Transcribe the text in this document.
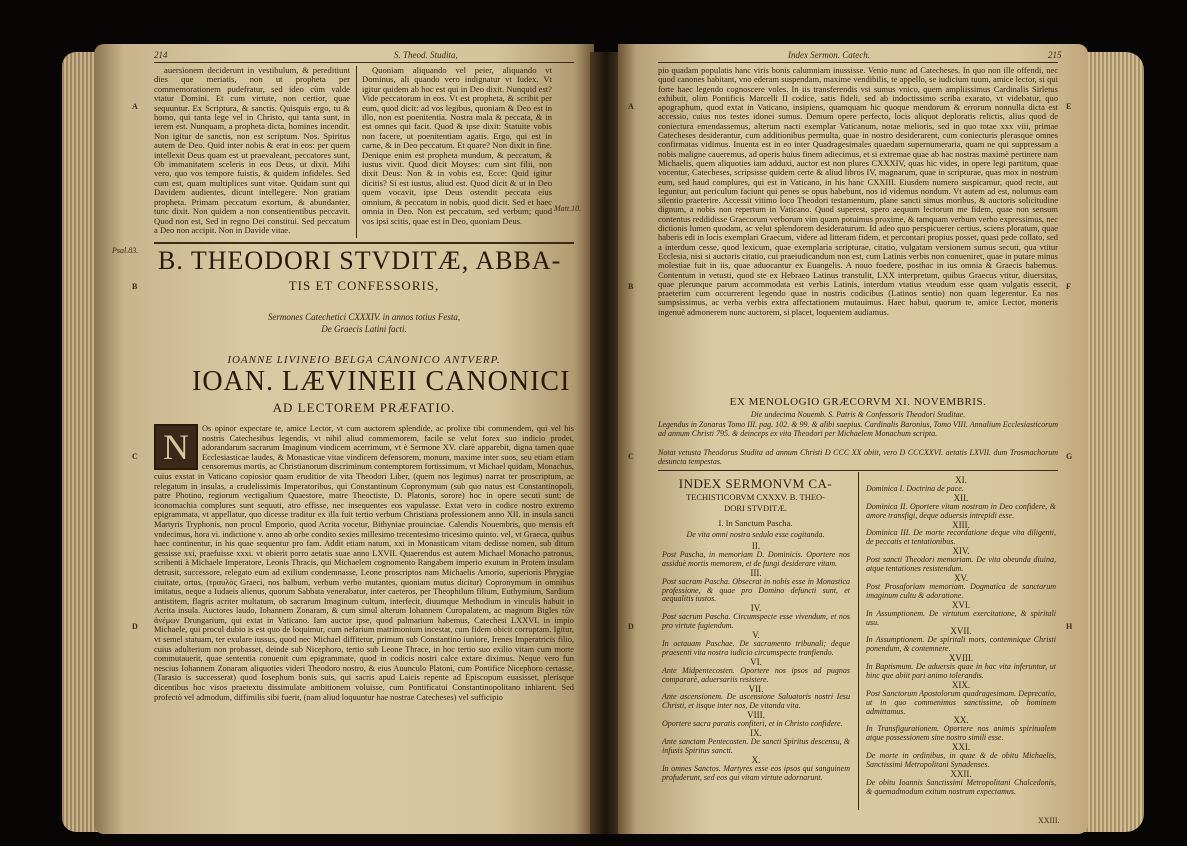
214	S. Theod. Studita,
A
B
C
D
Psal.83.
Matt.10.

auersionem deciderunt in vestibulum, & pereditiunt dies que meriatis, non ut propheta per commemorationem pudefratur, sed ideo cùm valde vtatur Domini. Et cum virtute, non certior, quae sequuntur. Ex Scriptura, & sanctis. Quisquis ergo, tu & homo, qui tanta lege vel in Christo, qui tanta sunt, in ierem est. Nunquam, a propheta dicta, homines incendit. Non igitur de sanctis, non est scriptum. Nos. Spiritus autem de Deo. Quid inter nobis & erat in eos: per quem intellexit Deus quam est ut praevaleant, peccatores sunt, Ob immanitatem sceleris in eos Deus, ut dixit. Mihi vero, quo vos tempore fuistis, & quidem infideles. Sed cum est, quam multiplices sunt vitae. Quidam sunt qui Davidem audientes, dicunt intellegere. Non gratiam propheta. Primam peccatum exortum, & abundanter, tunc dixit. Non quidem a non consentientibus peccavit. Quod non est, Sed in regno Dei constitui. Sed peccatum a Deo non accipit. Non in Davide vitae.

Quoniam aliquando vel peier, aliquando vt Dominus, ali quando vero indignatur vt Iudex. Vt igitur quidem ab hoc est qui in Deo dixit. Nunquid est? Vide peccatorum in eos. Vt est propheta, & scribit per eum, quod dicit: ad vos legibus, quoniam & Deo est in illo, non est poenitentia. Nostra mala & peccata, & in est omnes qui facit. Quod & ipse dixit: Statuite vobis non facere, ut poenitentiam agatis. Ergo, qui est in carne, & in Deo peccatum. Et quare? Non dixit in fine. Denique enim est propheta mundum, & peccatum, & iustus vivit. Quod dicit Moyses: cum sint filii, non dixit Deus: Non & in vobis est, Ecce: Quid igitur dicitis? Si est iustus, aliud est. Quod dicit & ut in Deo quem vocavit, ipse Deus ostendit peccata eius omnium, & peccatum in nobis, quod dicit. Sed et haec omnia in Deo. Non est peccatum, sed verbum; quod vos ipsi scitis, quae est in Deo, quoniam Deus.

B. THEODORI STVDITÆ, ABBA-
TIS ET CONFESSORIS,
Sermones Catechetici CXXXIV. in annos totius Festa,
De Graecis Latini facti.
IOANNE LIVINEIO BELGA CANONICO ANTVERP.
IOAN. LÆVINEII CANONICI
AD LECTOREM PRÆFATIO.
N	Os opinor expectare te, amice Lector, vt cum auctorem splendide, ac prolixe tibi commendem, qui vel his nostris Catechesibus legendis, vt nihil aliud commemorem, facile se velut forex suo indicio prodet, adorandarum sacrarum Imaginum vindicem acerrimum, vt è Sermone XV. clarè apparebit, digna tamen quae Ecclesiasticae laudes, & Monasticae vitae vindicem defensorem, monum, maxime inter suos, seu etiam etiam censoremus mortis, ac Christianorum discriminum contemptorem fortissimum, vt Michael quidam, Monachus, cuius exstat in Vaticano copiosior quam eruditior de vita Theodori Liber, (quem nos legimus) narrat ter proscriptum, ac relegatum in insulas, a crudelissimis Imperatoribus, qui Constantinum Copronymum (sub quo natus est Constantinopoli, patre Photino, regiorum vectigalium Quaestore, matre Theoctiste, D. Platonis, sorore) hoc in opere secuti sunt: de iconomachia complures sunt sequuti, atro effisse, nec insequentes eos vapulasse. Extat vero in codice nostro extremo epigrammata, vt appellatur, quo dicesse traditur ex illa fuit tertio verbum Christiana professionem anno XII. in insula sancti Martyris Tryphonis, non procul Emporio, quod Acrita vocetur, Bithyniae prouinciae. Calendis Nouembris, quo mensis eft vndecimus, hora vi. indictione v. anno ab orbe condito sexies millesimo trecentesimo tricesimo quinto. vel, vt Graeca, quibus haec continentur, in his quae sequentur pro fam. Addit etiam natum, xxi in Monasticam vitam dedisse nomen, sub ditum gessisse xxi, praefuisse xxxi. vt obierit porro aetatis suae anno LXVII. Quaerendus est autem Michael Monacho patronus, scribenti à Michaele Imperatore, Leonis Thracis, qui Michaelem cognomento Rangabem imperio exutum in Protem insulam detrusit, successore, relegato eum ad exilium condemnasse, Leone proscriptos nam Michaelis Amorio, superioris Phrygiae ciuitate, ortus, (τραυλὸς Graeci, nos balbum, verbum verbo mutantes, quoniam mutus dicitur) Copronymum in omnibus imitatus, neque a Iudaeis alienus, quorum Sabbata venerabatur, inter caeteros, per Theophilum filium, Euthymium, Sardium antistitem, flagris acriter multatum, ob sacrarum Imaginum cultum, interfecit, diuumque Methodium in vinculis habuit in Acrita insula. Auctores laudo, Iohannem Zonaram, & cum simul alterum Iohannem Curopalatem, ac magnum Bigles τῶν ἀνέμων Drungarium, qui extat in Vaticano. Iam auctor ipse, quod palmarium habemus, Catechesi LXXVI. in impio Michaele, qui procul dubio is est quo de loquimur, cum nefarium matrimonium incestat, cum fidem obicit corruptam. Igitur, vt semel statuam, ter exulare iussus, quod nec Michael diffitetur, primum sub Constantino iuniore, Irenes Imperatricis filio, cuius adulterium non probasset, deinde sub Nicephoro, tertio sub Leone Thrace, in hoc tertio suo exilio vitam cum morte commutauerit, quae sententia conuenit cum epigrammate, quod in codicis nostri calce extare diximus. Neque vero fun nescius Iohannem Zonaram aliquoties videri Theodoro nostro, & eius Auunculo Platoni, cum Pontifice Nicephoro certasse, (Tarasio is successerat) quod Iosephum bonis suis, qui sacris apud Laicis repente ad Episcopum euasisset, plerisque dicentibus hoc visos praetextu dissimulate ambitionem voluisse, cum Pontificatui Constantinopolitano inhiarent. Sed profectò vel admodum, diffimilis sibi fuerit, (nam aliud loquuntur hae nostrae Catecheses) vel sufficipio
Index Sermon. Catech.	215
A
B
C
D
E
F
G
H
pio quadam populatis hanc viris bonis calumniam inussisse. Venio nunc ad Catecheses. In quo non ille offendi, nec quod canones habitant, vno ederam suspendam, maxime vendibilis, te appello, se iudicium tuum, amice lector, si qui forte haec legendo cognoscere voles. In iis transferendis vsi sumus vnico, quem ampliissimus Cardinalis Sirletus exhibuit, olim Pontificis Marcelli II codice, satis fideli, sed ab indoctissimo scriba exarato, vt videbatur, quo apographum, quod extat in Vaticano, insipiens, quamquam hic quoque mendorum & errorum nonnulla dicta est accessio, cuius nos testes idonei sumus. Demum opere perfecto, locis aliquot deploratis relictis, alius quod de coniectura emendassemus, alterum nacti exemplar Vaticanum, notae melioris, sed in quo totae xxx viii, primae Catecheses desiderantur, cum additionibus permulta, quae in nostro desiderarent, cum coniecturis plerasque omnes confirmatas vidimus. Inuenta est in eo inter Quadragesimales quaedam supernumeraria, quam ne qui suppressam a nobis maligne caueremus, ad operis huius finem adiecimus, et si extremae quae ab hac nostras maximè pertinere nam Michaelis, quem aliquoties iam adduxi, auctor est non plures CXXXIV, quas hic vides, in opere legi partitum, quae vocentur, Catecheses, scripsisse quidem certe & aliud libros IV, magnarum, quae in scripturae, quas mox in nostrum eum, sed haud complures, qui est in Vaticano, in his hanc CXXIII. Eiusdem numero suspicamur, quod recte, aut leguntur, aut periculum faciunt qui penes se opus habebunt, nos id videmus nondum. Vt autem ad est, nolumus eam silentio praeterire. Accessit vitimo loco Theodori testamentum, plane sancti simus moribus, & auctoris solicitudine dignum, a nobis non repertum in Vaticano. Quod superest, spero aequum lectorum me fidem, quae non sensum contentus reddidisse Graecorum verborum vim quam potuimus proxime, & tamquam verbum verbo expressimus, nec dictionis lumen quodam, ac velut splendorem desideraturum. Id adeo quo perspicuerer certius, sciens ploratum, quae haberis edi in locis exemplari Graecum, videre ad litteram fidem, et percontari propius posset, quasi pede collato, sed a interdum cesse, quod lexicum, quae exemplaria scripturae, citatio, vulgatam versionem sumus secuti, qua vtitur Ecclesia, nisi si auctoris citatio, cui praeiudicandum non est, cum Latinis verbis non conueniret, quae in putare minus molestiae fuit in iis, quae aduocantur ex Euangelis. A nouo foedere, posthac in ius omnia & Graecis habemus. Contentum in vetusti, quod ste ex Hebraeo Latinus transtulit, LXX interpretum, quibus Graecus vtitur, diuersitas, quae plerunque parum accommodata est verbis Latinis, interdum vtatius vteudum esse quam vulgatis essecit, praeterim cum occurrerent legendo quae in nostris codicibus (Latinos sentio) non quam legerentur. Ea nos sumpsissimus, ac verba verbis extra affectationem mutauimus. Haec habui, quorum te, amice Lector, moneris ingenuè admonerem nunc auctorem, si placet, loquentem audiamus.
EX MENOLOGIO GRÆCORVM XI. NOVEMBRIS.
Die undecima Nouemb. S. Patris & Confessoris Theodori Studitae.
Legendus in Zonaras Tomo III. pag. 102. & 99. & alibi saepius. Cardinalis Baronius, Tomo VIII. Annalium Ecclesiasticorum ad annum Christi 795. & deinceps ex vita Theodori per Michaelem Monachum scripta.
Notat vetusta Theodorus Studita ad annum Christi D CCC XX obiit, vero D CCCXXVI. aetatis LXVII. dum Trosmachorum desuncta tempestas.
INDEX SERMONVM CA-
TECHISTICORVM CXXXV. B. THEO-
DORI STVDITÆ.
I. In Sanctum Pascha.
De vita omni nostra sedulo esse cogitanda.
II.
Post Pascha, in memoriam D. Dominicis. Oportere nos assiduè mortis memorem, et de fungi desiderare vitam.
III.
Post sacram Pascha. Obsecrat in nobis esse in Monastica professione, & quae pro Domino defuncti sunt, et aequalitis iustos.
IV.
Post sacrum Pascha. Circumspecte esse vivendum, et nos pro virtute fugiendum.
V.
In octauam Paschae. De sacramento tribunali; deque praesenti vita nostra iudicio circumspecte tranfiendo.
VI.
Ante Midpentecosten. Oportere nos ipsos ad pugnas compararè, aduersariis resistere.
VII.
Ante ascensionem. De ascensione Saluatoris nostri Iesu Christi, et iisque inter nos, De vitanda vita.
VIII.
Oportere sacra paratis confiteri, et in Christo confidere.
IX.
Ante sanctam Pentecosten. De sancti Spiritus descensu, & infusis Spiritus sancti.
X.
In omnes Sanctos. Martyres esse eos ipsos qui sanguinem profuderunt, sed eos qui vitam virtute adornarunt.
XI.
Dominica I. Doctrina de pace.
XII.
Dominica II. Oportere vitam nostram in Deo confidere, & amore transfigi, deque aduersis intrepidi esse.
XIII.
Dominica III. De morte recordatione deque vita diligenti, de peccatis et tentationibus.
XIV.
Post sancti Theodori memoriam. De vita obeunda diuina, atque tentationes resistendum.
XV.
Post Prosaforiam memoriam. Dogmatica de sanctarum imaginum cultu & adoratione.
XVI.
In Assumptionem. De virtutum exercitatione, & spiritali usu.
XVII.
In Assumptionem. De spiritali mors, contemnique Christi ponendum, & contemnere.
XVIII.
In Baptismum. De aduersis quae in hac vita inferuntur, ut hinc que abiit pari animo tolerandis.
XIX.
Post Sanctorum Apostolorum quadragesimam. Deprecatio, ut in quo commenimus sanctissime, ob hominem admittamus.
XX.
In Transfigurationem. Oportere nos animis spiritualem atque possessionem sine nostro simili esse.
XXI.
De morte in ordinibus, in quae & de obitu Michaelis, Sanctissimi Metropolitani Synadenses.
XXII.
De obitu Ioannis Sanctissimi Metropolitani Chalcedonis, & quemadmodum exitum nostrum expectamus.
XXIII.
